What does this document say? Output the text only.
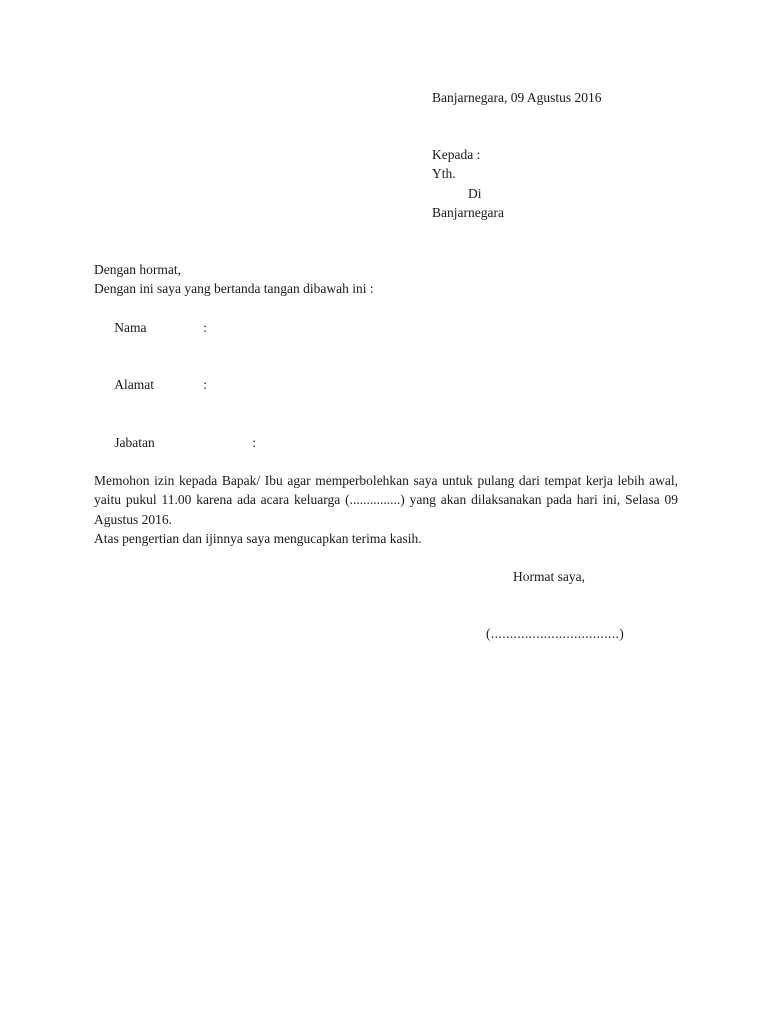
Banjarnegara, 09 Agustus 2016
Kepada :
Yth.
Di
Banjarnegara
Dengan hormat,
Dengan ini saya yang bertanda tangan dibawah ini :

Nama	:

Alamat	:

Jabatan	:

Memohon izin kepada Bapak/ Ibu agar memperbolehkan saya untuk pulang dari tempat kerja lebih awal, yaitu pukul 11.00 karena ada acara keluarga (...............) yang akan dilaksanakan pada hari ini, Selasa 09 Agustus 2016.
Atas pengertian dan ijinnya saya mengucapkan terima kasih.
Hormat saya,
(..................................)
